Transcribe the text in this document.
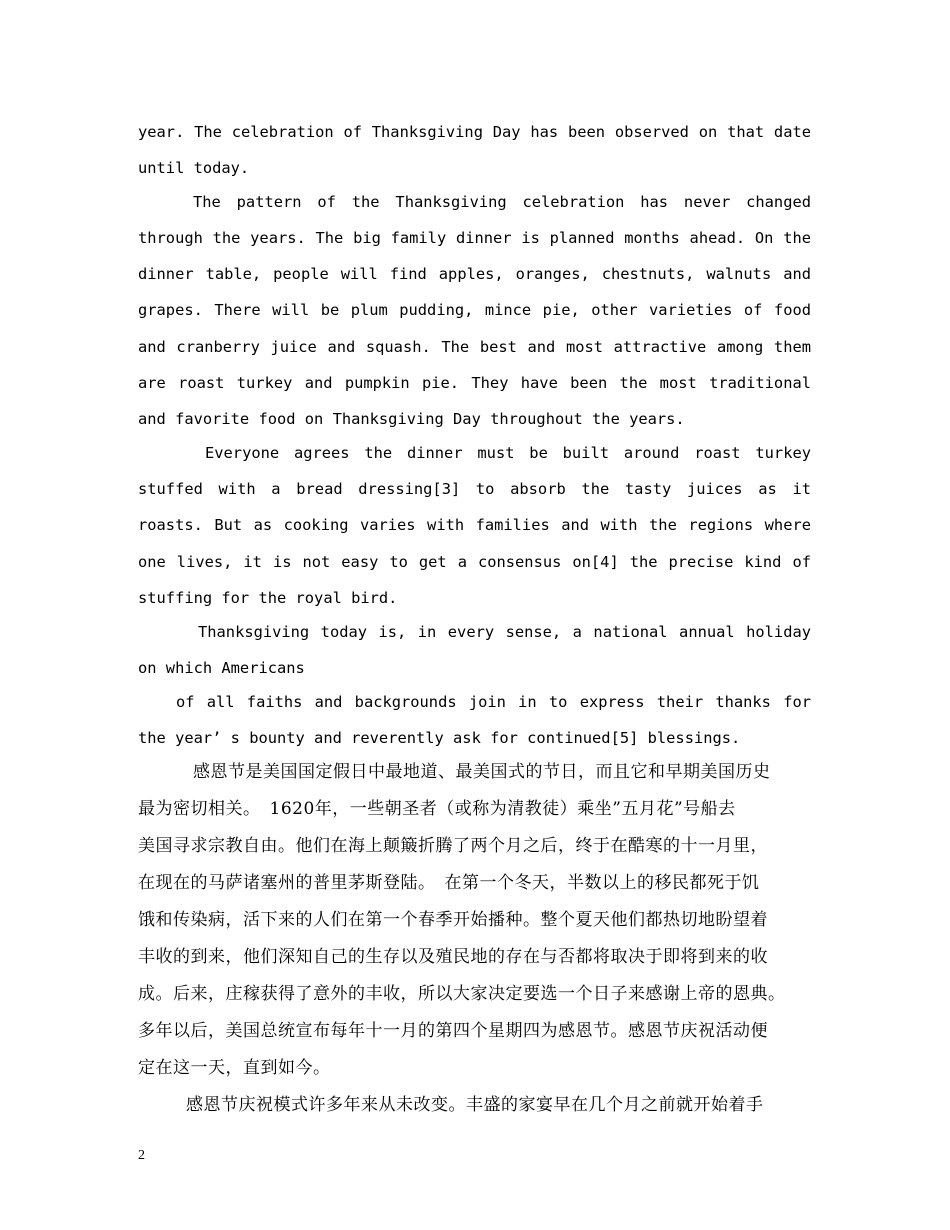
year. The celebration of Thanksgiving Day has been observed on that date
until today.
The pattern of the Thanksgiving celebration has never changed
through the years. The big family dinner is planned months ahead. On the
dinner table, people will find apples, oranges, chestnuts, walnuts and
grapes. There will be plum pudding, mince pie, other varieties of food
and cranberry juice and squash. The best and most attractive among them
are roast turkey and pumpkin pie. They have been the most traditional
and favorite food on Thanksgiving Day throughout the years.
Everyone agrees the dinner must be built around roast turkey
stuffed with a bread dressing[3] to absorb the tasty juices as it
roasts. But as cooking varies with families and with the regions where
one lives, it is not easy to get a consensus on[4] the precise kind of
stuffing for the royal bird.
Thanksgiving today is, in every sense, a national annual holiday
on which Americans
of all faiths and backgrounds join in to express their thanks for
the year’ s bounty and reverently ask for continued[5] blessings.
感恩节是美国国定假日中最地道、最美国式的节日，而且它和早期美国历史
最为密切相关。　1620年，一些朝圣者（或称为清教徒）乘坐”五月花”号船去
美国寻求宗教自由。他们在海上颠簸折腾了两个月之后，终于在酷寒的十一月里，
在现在的马萨诸塞州的普里茅斯登陆。　在第一个冬天，半数以上的移民都死于饥
饿和传染病，活下来的人们在第一个春季开始播种。整个夏天他们都热切地盼望着
丰收的到来，他们深知自己的生存以及殖民地的存在与否都将取决于即将到来的收
成。后来，庄稼获得了意外的丰收，所以大家决定要选一个日子来感谢上帝的恩典。
多年以后，美国总统宣布每年十一月的第四个星期四为感恩节。感恩节庆祝活动便
定在这一天，直到如今。
感恩节庆祝模式许多年来从未改变。丰盛的家宴早在几个月之前就开始着手
2
